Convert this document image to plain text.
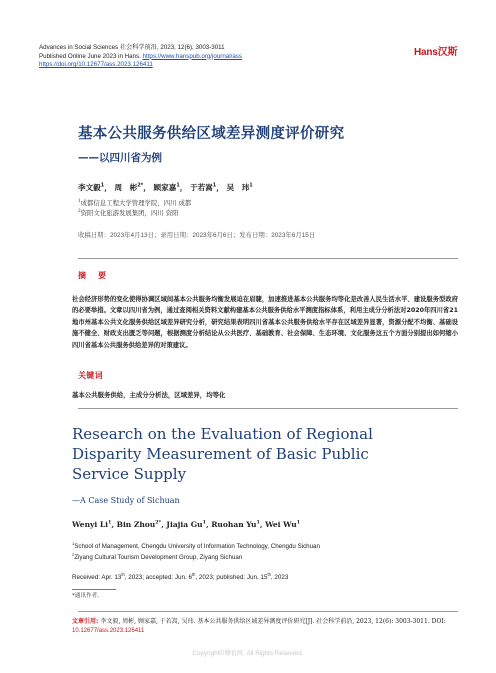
Advances in Social Sciences 社会科学前沿, 2023, 12(6), 3003-3011
Published Online June 2023 in Hans. https://www.hanspub.org/journal/ass
https://doi.org/10.12677/ass.2023.126411
Hans汉斯
基本公共服务供给区域差异测度评价研究
——以四川省为例
李文毅$^1$， 周　彬$^{2*}$， 顾家嘉$^1$， 于若嵩$^1$， 吴　玮$^1$
$^1$成都信息工程大学管理学院，四川 成都
$^2$资阳文化旅游发展集团，四川 资阳
收稿日期：2023年4月13日；录用日期：2023年6月6日；发布日期：2023年6月15日
摘　要
社会经济形势的变化使得协调区域间基本公共服务均衡发展迫在眉睫，加速推进基本公共服务均等化是改善人民生活水平、建设服务型政府的必要举措。文章以四川省为例，通过查阅相关资料文献构建基本公共服务供给水平测度指标体系，利用主成分分析法对2020年四川省21地市州基本公共文化服务供给区域差异研究分析，研究结果表明四川省基本公共服务供给水平存在区域差异显著，资源分配不均衡、基础设施不健全、财政支出匮乏等问题，根据测度分析结论从公共医疗、基础教育、社会保障、生态环境、文化服务这五个方面分别提出如何缩小四川省基本公共服务供给差异的对策建议。
关键词
基本公共服务供给，主成分分析法，区域差异，均等化
Research on the Evaluation of Regional
Disparity Measurement of Basic Public
Service Supply
—A Case Study of Sichuan
Wenyi Li$^1$, Bin Zhou$^{2*}$, Jiajia Gu$^1$, Ruohan Yu$^1$, Wei Wu$^1$
$^1$School of Management, Chengdu University of Information Technology, Chengdu Sichuan
$^2$Ziyang Cultural Tourism Development Group, Ziyang Sichuan
Received: Apr. 13th, 2023; accepted: Jun. 6th, 2023; published: Jun. 15th, 2023
*通讯作者。
文章引用: 李文毅, 周彬, 顾家嘉, 于若嵩, 吴玮. 基本公共服务供给区域差异测度评价研究[J]. 社会科学前沿, 2023, 12(6): 3003-3011. DOI: 10.12677/ass.2023.126411
Copyright©博看网. All Rights Reserved.
